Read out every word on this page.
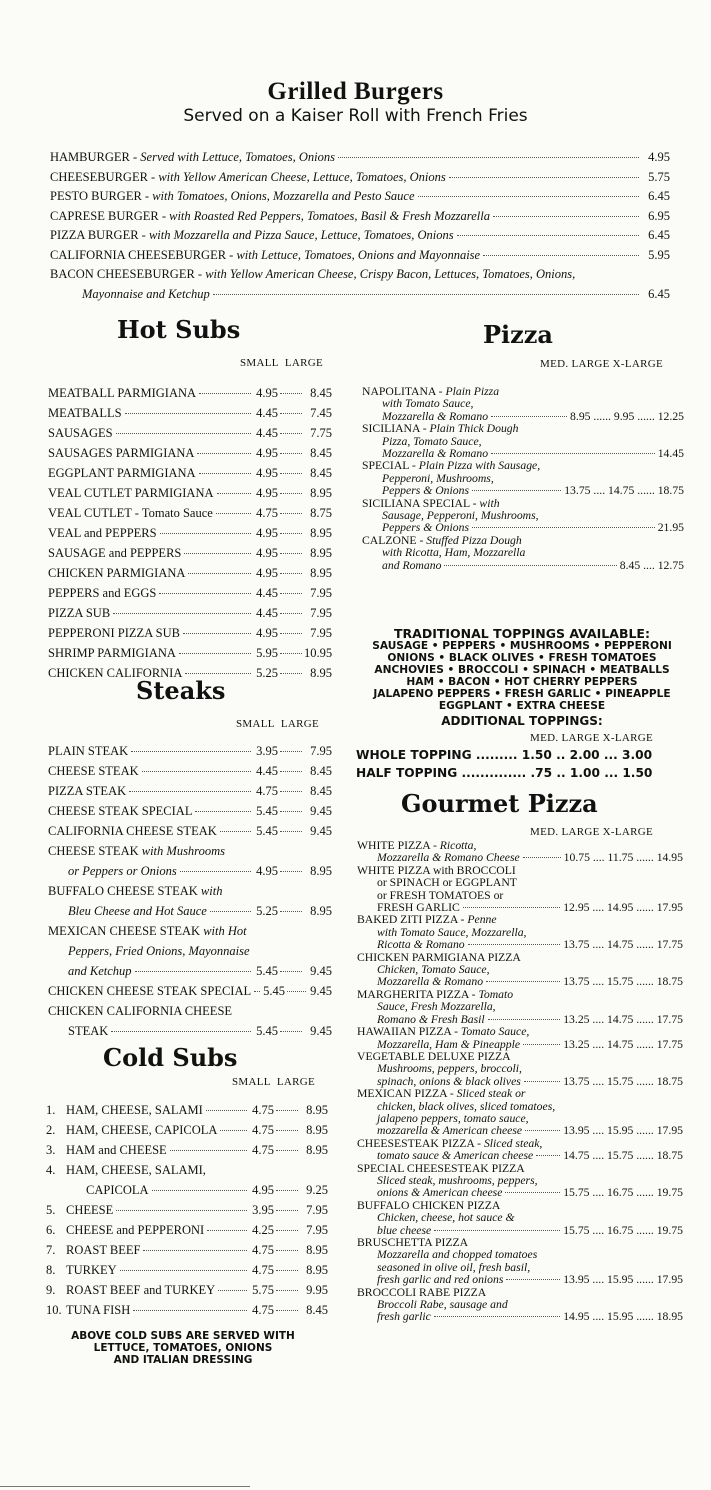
Grilled Burgers
Served on a Kaiser Roll with French Fries
HAMBURGER - Served with Lettuce, Tomatoes, Onions	4.95
CHEESEBURGER - with Yellow American Cheese, Lettuce, Tomatoes, Onions	5.75
PESTO BURGER - with Tomatoes, Onions, Mozzarella and Pesto Sauce	6.45
CAPRESE BURGER - with Roasted Red Peppers, Tomatoes, Basil & Fresh Mozzarella	6.95
PIZZA BURGER - with Mozzarella and Pizza Sauce, Lettuce, Tomatoes, Onions	6.45
CALIFORNIA CHEESEBURGER - with Lettuce, Tomatoes, Onions and Mayonnaise	5.95
BACON CHEESEBURGER - with Yellow American Cheese, Crispy Bacon, Lettuces, Tomatoes, Onions,
Mayonnaise and Ketchup	6.45
Hot Subs
SMALL LARGE
MEATBALL PARMIGIANA	4.95	8.45
MEATBALLS	4.45	7.45
SAUSAGES	4.45	7.75
SAUSAGES PARMIGIANA	4.95	8.45
EGGPLANT PARMIGIANA	4.95	8.45
VEAL CUTLET PARMIGIANA	4.95	8.95
VEAL CUTLET - Tomato Sauce	4.75	8.75
VEAL and PEPPERS	4.95	8.95
SAUSAGE and PEPPERS	4.95	8.95
CHICKEN PARMIGIANA	4.95	8.95
PEPPERS and EGGS	4.45	7.95
PIZZA SUB	4.45	7.95
PEPPERONI PIZZA SUB	4.95	7.95
SHRIMP PARMIGIANA	5.95 10.95
CHICKEN CALIFORNIA	5.25	8.95
Steaks
SMALL LARGE
PLAIN STEAK	3.95	7.95
CHEESE STEAK	4.45	8.45
PIZZA STEAK	4.75	8.45
CHEESE STEAK SPECIAL	5.45	9.45
CALIFORNIA CHEESE STEAK	5.45	9.45
CHEESE STEAK with Mushrooms
or Peppers or Onions	4.95	8.95
BUFFALO CHEESE STEAK with
Bleu Cheese and Hot Sauce	5.25	8.95
MEXICAN CHEESE STEAK with Hot
Peppers, Fried Onions, Mayonnaise
and Ketchup	5.45	9.45
CHICKEN CHEESE STEAK SPECIAL 5.45 9.45
CHICKEN CALIFORNIA CHEESE
STEAK	5.45	9.45
Cold Subs
SMALL LARGE
1. HAM, CHEESE, SALAMI	4.75	8.95
2. HAM, CHEESE, CAPICOLA	4.75	8.95
3. HAM and CHEESE	4.75	8.95
4. HAM, CHEESE, SALAMI,
CAPICOLA	4.95	9.25
5. CHEESE	3.95	7.95
6. CHEESE and PEPPERONI	4.25	7.95
7. ROAST BEEF	4.75	8.95
8. TURKEY	4.75	8.95
9. ROAST BEEF and TURKEY	5.75	9.95
10. TUNA FISH	4.75	8.45
ABOVE COLD SUBS ARE SERVED WITH
LETTUCE, TOMATOES, ONIONS
AND ITALIAN DRESSING
Pizza
MED. LARGE X-LARGE
NAPOLITANA - Plain Pizza
with Tomato Sauce,
Mozzarella & Romano	8.95 ...... 9.95 ...... 12.25
SICILIANA - Plain Thick Dough
Pizza, Tomato Sauce,
Mozzarella & Romano	14.45
SPECIAL - Plain Pizza with Sausage,
Pepperoni, Mushrooms,
Peppers & Onions	13.75 .... 14.75 ...... 18.75
SICILIANA SPECIAL - with
Sausage, Pepperoni, Mushrooms,
Peppers & Onions	21.95
CALZONE - Stuffed Pizza Dough
with Ricotta, Ham, Mozzarella
and Romano	8.45 .... 12.75
TRADITIONAL TOPPINGS AVAILABLE:
SAUSAGE • PEPPERS • MUSHROOMS • PEPPERONI
ONIONS • BLACK OLIVES • FRESH TOMATOES
ANCHOVIES • BROCCOLI • SPINACH • MEATBALLS
HAM • BACON • HOT CHERRY PEPPERS
JALAPENO PEPPERS • FRESH GARLIC • PINEAPPLE
EGGPLANT • EXTRA CHEESE
ADDITIONAL TOPPINGS:
MED. LARGE X-LARGE
WHOLE TOPPING ......... 1.50 .. 2.00 ... 3.00
HALF TOPPING .............. .75 .. 1.00 ... 1.50
Gourmet Pizza
MED. LARGE X-LARGE
WHITE PIZZA - Ricotta,
Mozzarella & Romano Cheese	10.75 .... 11.75 ...... 14.95
WHITE PIZZA with BROCCOLI
or SPINACH or EGGPLANT
or FRESH TOMATOES or
FRESH GARLIC	12.95 .... 14.95 ...... 17.95
BAKED ZITI PIZZA - Penne
with Tomato Sauce, Mozzarella,
Ricotta & Romano	13.75 .... 14.75 ...... 17.75
CHICKEN PARMIGIANA PIZZA
Chicken, Tomato Sauce,
Mozzarella & Romano	13.75 .... 15.75 ...... 18.75
MARGHERITA PIZZA - Tomato
Sauce, Fresh Mozzarella,
Romano & Fresh Basil	13.25 .... 14.75 ...... 17.75
HAWAIIAN PIZZA - Tomato Sauce,
Mozzarella, Ham & Pineapple	13.25 .... 14.75 ...... 17.75
VEGETABLE DELUXE PIZZA
Mushrooms, peppers, broccoli,
spinach, onions & black olives	13.75 .... 15.75 ...... 18.75
MEXICAN PIZZA - Sliced steak or
chicken, black olives, sliced tomatoes,
jalapeno peppers, tomato sauce,
mozzarella & American cheese	13.95 .... 15.95 ...... 17.95
CHEESESTEAK PIZZA - Sliced steak,
tomato sauce & American cheese	14.75 .... 15.75 ...... 18.75
SPECIAL CHEESESTEAK PIZZA
Sliced steak, mushrooms, peppers,
onions & American cheese	15.75 .... 16.75 ...... 19.75
BUFFALO CHICKEN PIZZA
Chicken, cheese, hot sauce &
blue cheese	15.75 .... 16.75 ...... 19.75
BRUSCHETTA PIZZA
Mozzarella and chopped tomatoes
seasoned in olive oil, fresh basil,
fresh garlic and red onions	13.95 .... 15.95 ...... 17.95
BROCCOLI RABE PIZZA
Broccoli Rabe, sausage and
fresh garlic	14.95 .... 15.95 ...... 18.95
